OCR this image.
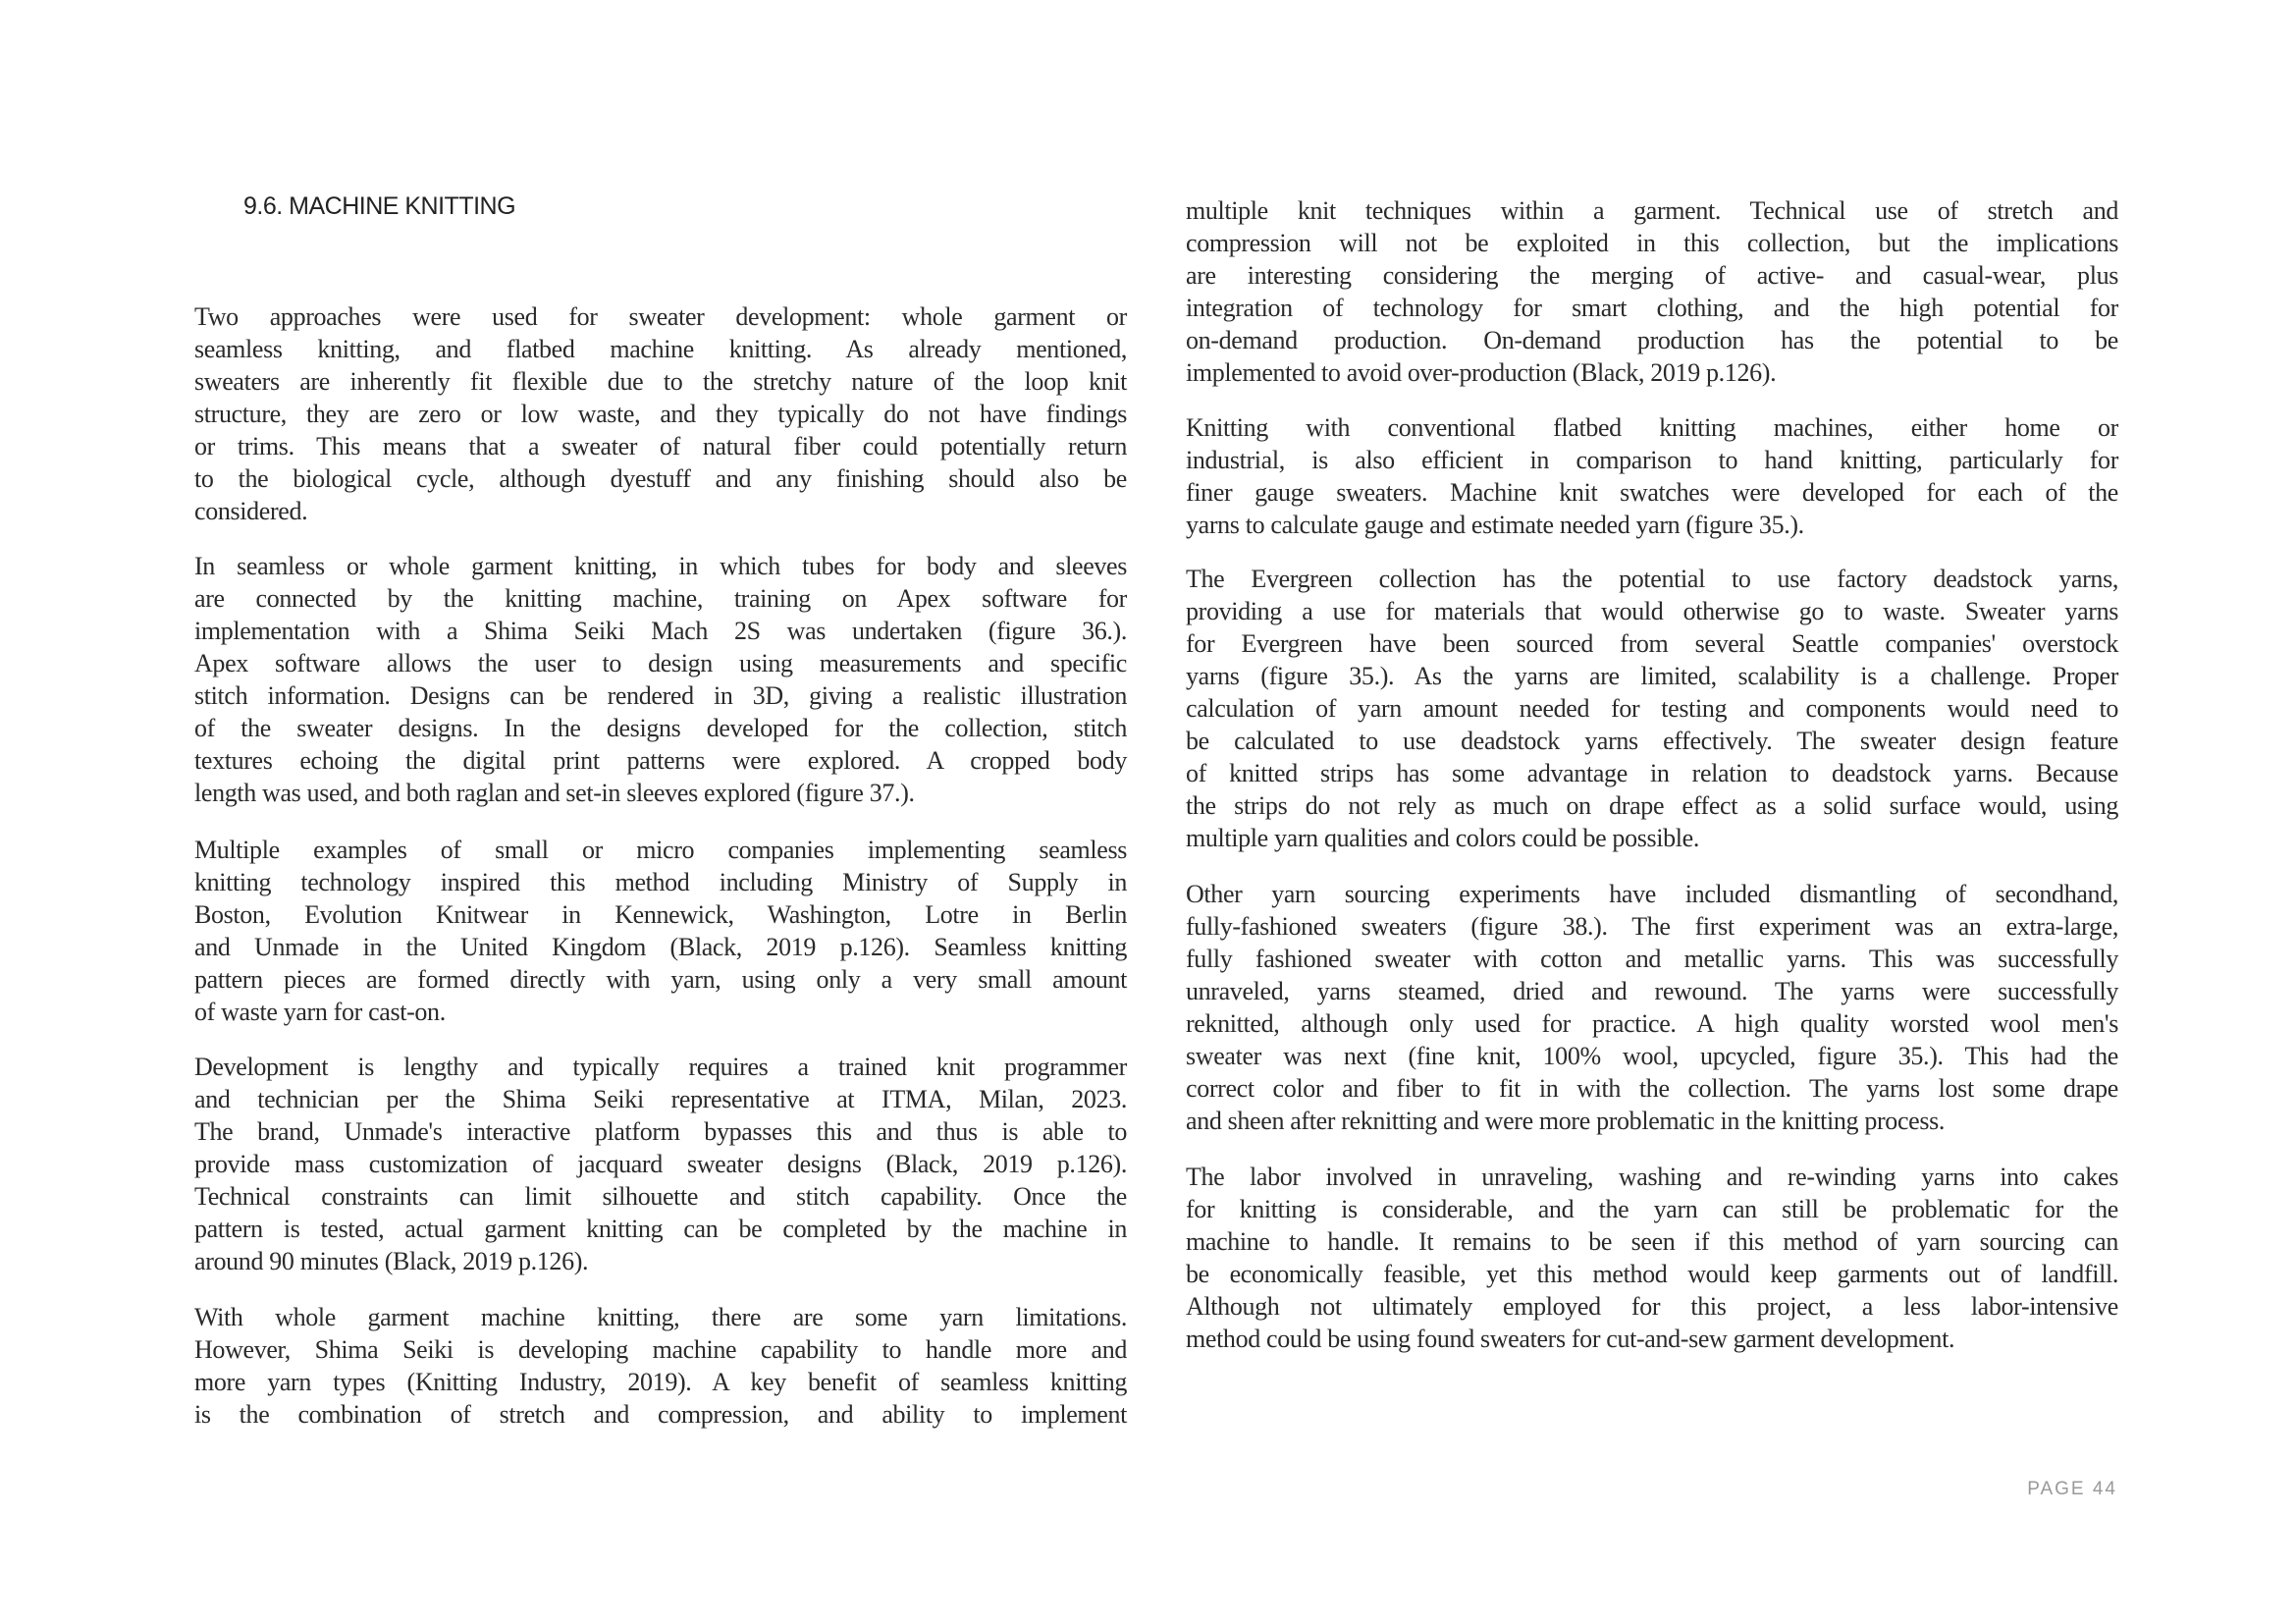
9.6. MACHINE KNITTING
Two approaches were used for sweater development: whole garment or
seamless knitting, and flatbed machine knitting. As already mentioned,
sweaters are inherently fit flexible due to the stretchy nature of the loop knit
structure, they are zero or low waste, and they typically do not have findings
or trims. This means that a sweater of natural fiber could potentially return
to the biological cycle, although dyestuff and any finishing should also be
considered.
In seamless or whole garment knitting, in which tubes for body and sleeves
are connected by the knitting machine, training on Apex software for
implementation with a Shima Seiki Mach 2S was undertaken (figure 36.).
Apex software allows the user to design using measurements and specific
stitch information. Designs can be rendered in 3D, giving a realistic illustration
of the sweater designs. In the designs developed for the collection, stitch
textures echoing the digital print patterns were explored. A cropped body
length was used, and both raglan and set-in sleeves explored (figure 37.).
Multiple examples of small or micro companies implementing seamless
knitting technology inspired this method including Ministry of Supply in
Boston, Evolution Knitwear in Kennewick, Washington, Lotre in Berlin
and Unmade in the United Kingdom (Black, 2019 p.126). Seamless knitting
pattern pieces are formed directly with yarn, using only a very small amount
of waste yarn for cast-on.
Development is lengthy and typically requires a trained knit programmer
and technician per the Shima Seiki representative at ITMA, Milan, 2023.
The brand, Unmade's interactive platform bypasses this and thus is able to
provide mass customization of jacquard sweater designs (Black, 2019 p.126).
Technical constraints can limit silhouette and stitch capability. Once the
pattern is tested, actual garment knitting can be completed by the machine in
around 90 minutes (Black, 2019 p.126).
With whole garment machine knitting, there are some yarn limitations.
However, Shima Seiki is developing machine capability to handle more and
more yarn types (Knitting Industry, 2019). A key benefit of seamless knitting
is the combination of stretch and compression, and ability to implement
multiple knit techniques within a garment. Technical use of stretch and
compression will not be exploited in this collection, but the implications
are interesting considering the merging of active- and casual-wear, plus
integration of technology for smart clothing, and the high potential for
on-demand production. On-demand production has the potential to be
implemented to avoid over-production (Black, 2019 p.126).
Knitting with conventional flatbed knitting machines, either home or
industrial, is also efficient in comparison to hand knitting, particularly for
finer gauge sweaters. Machine knit swatches were developed for each of the
yarns to calculate gauge and estimate needed yarn (figure 35.).
The Evergreen collection has the potential to use factory deadstock yarns,
providing a use for materials that would otherwise go to waste. Sweater yarns
for Evergreen have been sourced from several Seattle companies' overstock
yarns (figure 35.). As the yarns are limited, scalability is a challenge. Proper
calculation of yarn amount needed for testing and components would need to
be calculated to use deadstock yarns effectively. The sweater design feature
of knitted strips has some advantage in relation to deadstock yarns. Because
the strips do not rely as much on drape effect as a solid surface would, using
multiple yarn qualities and colors could be possible.
Other yarn sourcing experiments have included dismantling of secondhand,
fully-fashioned sweaters (figure 38.). The first experiment was an extra-large,
fully fashioned sweater with cotton and metallic yarns. This was successfully
unraveled, yarns steamed, dried and rewound. The yarns were successfully
reknitted, although only used for practice. A high quality worsted wool men's
sweater was next (fine knit, 100% wool, upcycled, figure 35.). This had the
correct color and fiber to fit in with the collection. The yarns lost some drape
and sheen after reknitting and were more problematic in the knitting process.
The labor involved in unraveling, washing and re-winding yarns into cakes
for knitting is considerable, and the yarn can still be problematic for the
machine to handle. It remains to be seen if this method of yarn sourcing can
be economically feasible, yet this method would keep garments out of landfill.
Although not ultimately employed for this project, a less labor-intensive
method could be using found sweaters for cut-and-sew garment development.
PAGE 44
